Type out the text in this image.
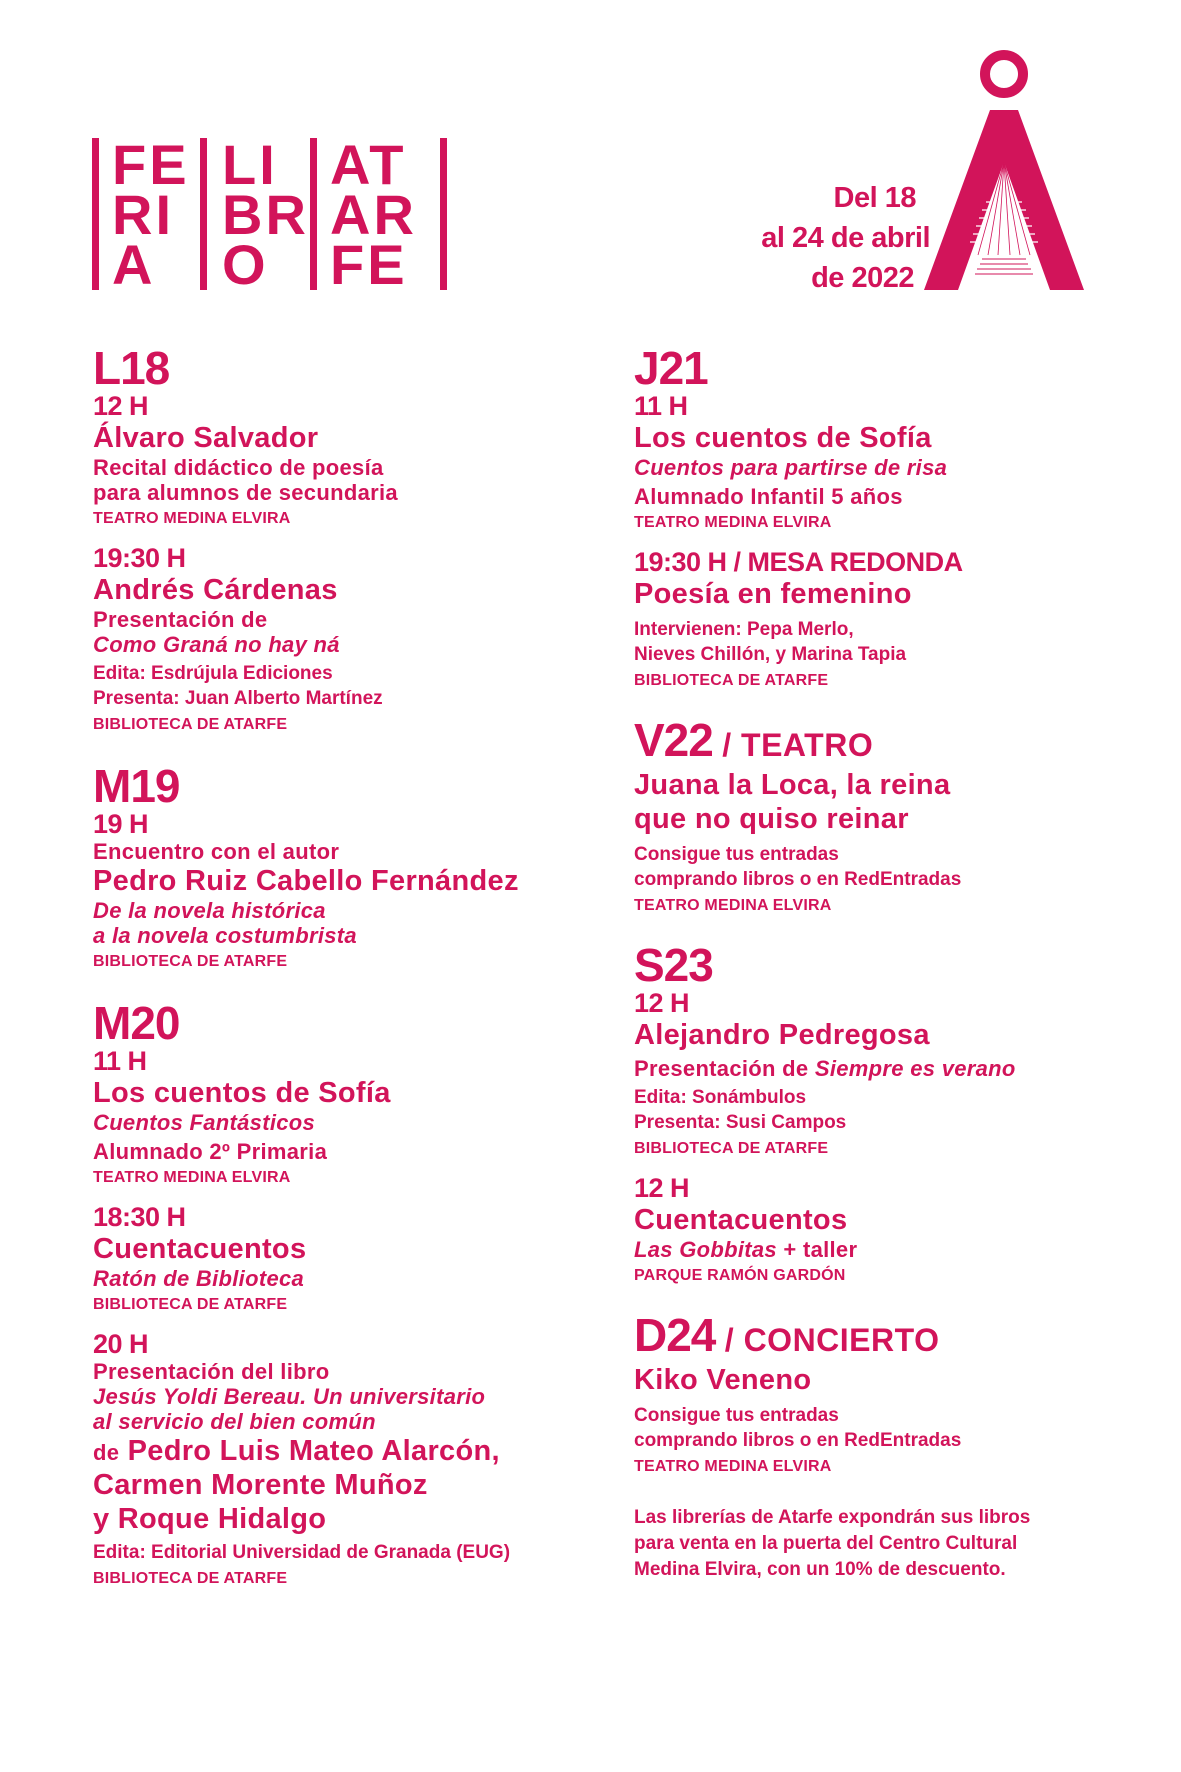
FE
RI
A
LI
BR
O
AT
AR
FE
Del 18
al 24 de abril
de 2022
L18
12 H
Álvaro Salvador
Recital didáctico de poesía
para alumnos de secundaria
TEATRO MEDINA ELVIRA
19:30 H
Andrés Cárdenas
Presentación de
Como Graná no hay ná
Edita: Esdrújula Ediciones
Presenta: Juan Alberto Martínez
BIBLIOTECA DE ATARFE
M19
19 H
Encuentro con el autor
Pedro Ruiz Cabello Fernández
De la novela histórica
a la novela costumbrista
BIBLIOTECA DE ATARFE
M20
11 H
Los cuentos de Sofía
Cuentos Fantásticos
Alumnado 2º Primaria
TEATRO MEDINA ELVIRA
18:30 H
Cuentacuentos
Ratón de Biblioteca
BIBLIOTECA DE ATARFE
20 H
Presentación del libro
Jesús Yoldi Bereau. Un universitario
al servicio del bien común
de Pedro Luis Mateo Alarcón,
Carmen Morente Muñoz
y Roque Hidalgo
Edita: Editorial Universidad de Granada (EUG)
BIBLIOTECA DE ATARFE
J21
11 H
Los cuentos de Sofía
Cuentos para partirse de risa
Alumnado Infantil 5 años
TEATRO MEDINA ELVIRA
19:30 H / MESA REDONDA
Poesía en femenino
Intervienen: Pepa Merlo,
Nieves Chillón, y Marina Tapia
BIBLIOTECA DE ATARFE
V22 / TEATRO
Juana la Loca, la reina
que no quiso reinar
Consigue tus entradas
comprando libros o en RedEntradas
TEATRO MEDINA ELVIRA
S23
12 H
Alejandro Pedregosa
Presentación de Siempre es verano
Edita: Sonámbulos
Presenta: Susi Campos
BIBLIOTECA DE ATARFE
12 H
Cuentacuentos
Las Gobbitas + taller
PARQUE RAMÓN GARDÓN
D24 / CONCIERTO
Kiko Veneno
Consigue tus entradas
comprando libros o en RedEntradas
TEATRO MEDINA ELVIRA
Las librerías de Atarfe expondrán sus libros
para venta en la puerta del Centro Cultural
Medina Elvira, con un 10% de descuento.
